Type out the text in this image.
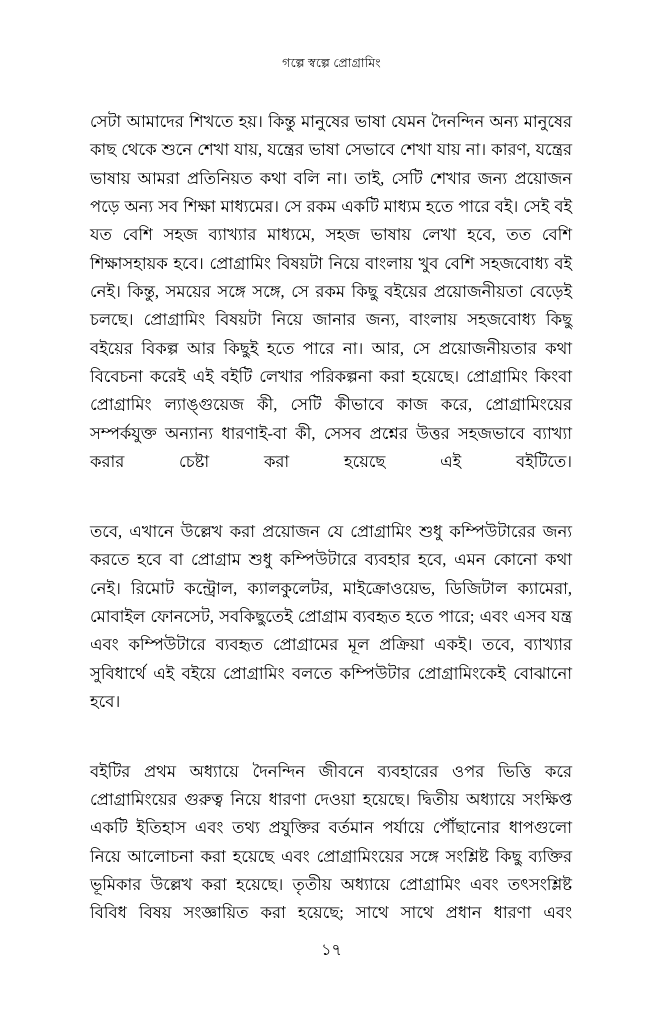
গল্পে স্বল্পে প্রোগ্রামিং

সেটা আমাদের শিখতে হয়। কিন্তু মানুষের ভাষা যেমন দৈনন্দিন অন্য মানুষের কাছ থেকে শুনে শেখা যায়, যন্ত্রের ভাষা সেভাবে শেখা যায় না। কারণ, যন্ত্রের ভাষায় আমরা প্রতিনিয়ত কথা বলি না। তাই, সেটি শেখার জন্য প্রয়োজন পড়ে অন্য সব শিক্ষা মাধ্যমের। সে রকম একটি মাধ্যম হতে পারে বই। সেই বই যত বেশি সহজ ব্যাখ্যার মাধ্যমে, সহজ ভাষায় লেখা হবে, তত বেশি শিক্ষাসহায়ক হবে। প্রোগ্রামিং বিষয়টা নিয়ে বাংলায় খুব বেশি সহজবোধ্য বই নেই। কিন্তু, সময়ের সঙ্গে সঙ্গে, সে রকম কিছু বইয়ের প্রয়োজনীয়তা বেড়েই চলছে। প্রোগ্রামিং বিষয়টা নিয়ে জানার জন্য, বাংলায় সহজবোধ্য কিছু বইয়ের বিকল্প আর কিছুই হতে পারে না। আর, সে প্রয়োজনীয়তার কথা বিবেচনা করেই এই বইটি লেখার পরিকল্পনা করা হয়েছে। প্রোগ্রামিং কিংবা প্রোগ্রামিং ল্যাঙ্গুয়েজ কী, সেটি কীভাবে কাজ করে, প্রোগ্রামিংয়ের সম্পর্কযুক্ত অন্যান্য ধারণাই-বা কী, সেসব প্রশ্নের উত্তর সহজভাবে ব্যাখ্যা করার চেষ্টা করা হয়েছে এই বইটিতে।

তবে, এখানে উল্লেখ করা প্রয়োজন যে প্রোগ্রামিং শুধু কম্পিউটারের জন্য করতে হবে বা প্রোগ্রাম শুধু কম্পিউটারে ব্যবহার হবে, এমন কোনো কথা নেই। রিমোট কন্ট্রোল, ক্যালকুলেটর, মাইক্রোওয়েভ, ডিজিটাল ক্যামেরা, মোবাইল ফোনসেট, সবকিছুতেই প্রোগ্রাম ব্যবহৃত হতে পারে; এবং এসব যন্ত্র এবং কম্পিউটারে ব্যবহৃত প্রোগ্রামের মূল প্রক্রিয়া একই। তবে, ব্যাখ্যার সুবিধার্থে এই বইয়ে প্রোগ্রামিং বলতে কম্পিউটার প্রোগ্রামিংকেই বোঝানো হবে।

বইটির প্রথম অধ্যায়ে দৈনন্দিন জীবনে ব্যবহারের ওপর ভিত্তি করে প্রোগ্রামিংয়ের গুরুত্ব নিয়ে ধারণা দেওয়া হয়েছে। দ্বিতীয় অধ্যায়ে সংক্ষিপ্ত একটি ইতিহাস এবং তথ্য প্রযুক্তির বর্তমান পর্যায়ে পৌঁছানোর ধাপগুলো নিয়ে আলোচনা করা হয়েছে এবং প্রোগ্রামিংয়ের সঙ্গে সংশ্লিষ্ট কিছু ব্যক্তির ভূমিকার উল্লেখ করা হয়েছে। তৃতীয় অধ্যায়ে প্রোগ্রামিং এবং তৎসংশ্লিষ্ট বিবিধ বিষয় সংজ্ঞায়িত করা হয়েছে; সাথে সাথে প্রধান ধারণা এবং

১৭
